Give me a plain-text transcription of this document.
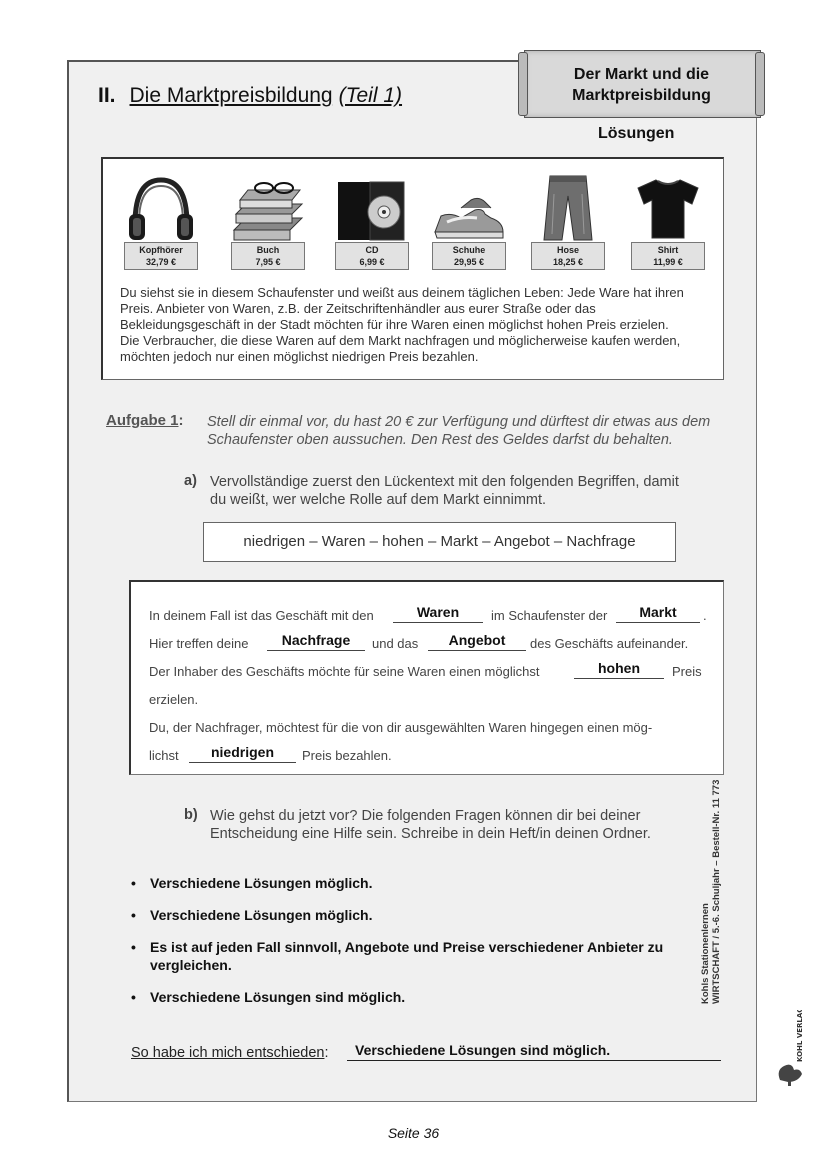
II. Die Marktpreisbildung (Teil 1)
Der Markt und die
Marktpreisbildung
Lösungen
Kopfhörer
32,79 €
Buch
7,95 €
CD
6,99 €
Schuhe
29,95 €
Hose
18,25 €
Shirt
11,99 €
Du siehst sie in diesem Schaufenster und weißt aus deinem täglichen Leben: Jede Ware hat ihren Preis. Anbieter von Waren, z.B. der Zeitschriftenhändler aus eurer Straße oder das Bekleidungsgeschäft in der Stadt möchten für ihre Waren einen möglichst hohen Preis erzielen.
Die Verbraucher, die diese Waren auf dem Markt nachfragen und möglicherweise kaufen werden, möchten jedoch nur einen möglichst niedrigen Preis bezahlen.
Aufgabe 1: Stell dir einmal vor, du hast 20 € zur Verfügung und dürftest dir etwas aus dem Schaufenster oben aussuchen. Den Rest des Geldes darfst du behalten.
a) Vervollständige zuerst den Lückentext mit den folgenden Begriffen, damit du weißt, wer welche Rolle auf dem Markt einnimmt.
niedrigen – Waren – hohen – Markt – Angebot – Nachfrage
In deinem Fall ist das Geschäft mit den	Waren	im Schaufenster der	Markt	.
Hier treffen deine	Nachfrage	und das	Angebot	des Geschäfts aufeinander.
Der Inhaber des Geschäfts möchte für seine Waren einen möglichst	hohen	Preis
erzielen.
Du, der Nachfrager, möchtest für die von dir ausgewählten Waren hingegen einen mög-
lichst	niedrigen	Preis bezahlen.
b) Wie gehst du jetzt vor? Die folgenden Fragen können dir bei deiner Entscheidung eine Hilfe sein. Schreibe in dein Heft/in deinen Ordner.
• Verschiedene Lösungen möglich.
• Verschiedene Lösungen möglich.
• Es ist auf jeden Fall sinnvoll, Angebote und Preise verschiedener Anbieter zu vergleichen.
• Verschiedene Lösungen sind möglich.
So habe ich mich entschieden:	Verschiedene Lösungen sind möglich.
Kohls Stationenlernen WIRTSCHAFT / 5.-6. Schuljahr – Bestell-Nr. 11 773
KOHL VERLAG
Seite 36
